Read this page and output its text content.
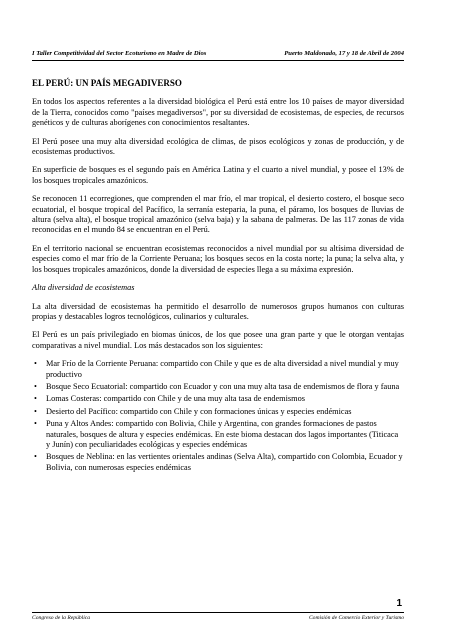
I Taller Competitividad del Sector Ecoturismo en Madre de Dios	Puerto Maldonado, 17 y 18 de Abril de 2004
EL PERÚ: UN PAÍS MEGADIVERSO

En todos los aspectos referentes a la diversidad biológica el Perú está entre los 10 países de mayor diversidad de la Tierra, conocidos como "países megadiversos", por su diversidad de ecosistemas, de especies, de recursos genéticos y de culturas aborígenes con conocimientos resaltantes.

El Perú posee una muy alta diversidad ecológica de climas, de pisos ecológicos y zonas de producción, y de ecosistemas productivos.

En superficie de bosques es el segundo país en América Latina y el cuarto a nivel mundial, y posee el 13% de los bosques tropicales amazónicos.

Se reconocen 11 ecorregiones, que comprenden el mar frío, el mar tropical, el desierto costero, el bosque seco ecuatorial, el bosque tropical del Pacífico, la serranía esteparia, la puna, el páramo, los bosques de lluvias de altura (selva alta), el bosque tropical amazónico (selva baja) y la sabana de palmeras. De las 117 zonas de vida reconocidas en el mundo 84 se encuentran en el Perú.

En el territorio nacional se encuentran ecosistemas reconocidos a nivel mundial por su altísima diversidad de especies como el mar frío de la Corriente Peruana; los bosques secos en la costa norte; la puna; la selva alta, y los bosques tropicales amazónicos, donde la diversidad de especies llega a su máxima expresión.

Alta diversidad de ecosistemas

La alta diversidad de ecosistemas ha permitido el desarrollo de numerosos grupos humanos con culturas propias y destacables logros tecnológicos, culinarios y culturales.

El Perú es un país privilegiado en biomas únicos, de los que posee una gran parte y que le otorgan ventajas comparativas a nivel mundial. Los más destacados son los siguientes:

• Mar Frío de la Corriente Peruana: compartido con Chile y que es de alta diversidad a nivel mundial y muy productivo
• Bosque Seco Ecuatorial: compartido con Ecuador y con una muy alta tasa de endemismos de flora y fauna
• Lomas Costeras: compartido con Chile y de una muy alta tasa de endemismos
• Desierto del Pacífico: compartido con Chile y con formaciones únicas y especies endémicas
• Puna y Altos Andes: compartido con Bolivia, Chile y Argentina, con grandes formaciones de pastos naturales, bosques de altura y especies endémicas. En este bioma destacan dos lagos importantes (Titicaca y Junín) con peculiaridades ecológicas y especies endémicas
• Bosques de Neblina: en las vertientes orientales andinas (Selva Alta), compartido con Colombia, Ecuador y Bolivia, con numerosas especies endémicas
1
Congreso de la República	Comisión de Comercio Exterior y Turismo
